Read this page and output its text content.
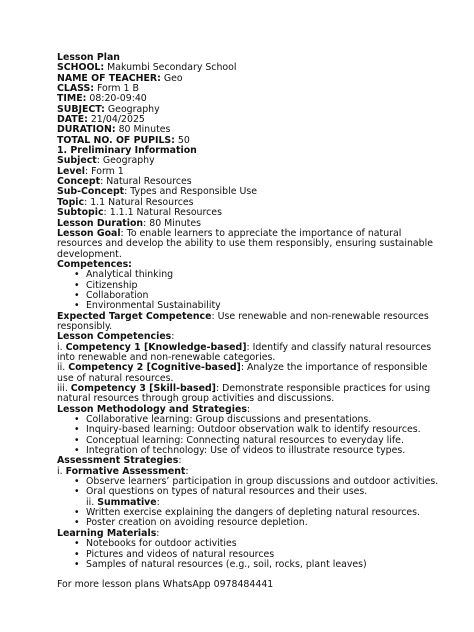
Lesson Plan
SCHOOL: Makumbi Secondary School
NAME OF TEACHER: Geo
CLASS: Form 1 B
TIME: 08:20-09:40
SUBJECT: Geography
DATE: 21/04/2025
DURATION: 80 Minutes
TOTAL NO. OF PUPILS: 50
1. Preliminary Information
Subject: Geography
Level: Form 1
Concept: Natural Resources
Sub-Concept: Types and Responsible Use
Topic: 1.1 Natural Resources
Subtopic: 1.1.1 Natural Resources
Lesson Duration: 80 Minutes
Lesson Goal: To enable learners to appreciate the importance of natural
resources and develop the ability to use them responsibly, ensuring sustainable
development.
Competences:
• Analytical thinking
• Citizenship
• Collaboration
• Environmental Sustainability
Expected Target Competence: Use renewable and non-renewable resources
responsibly.
Lesson Competencies:
i. Competency 1 [Knowledge-based]: Identify and classify natural resources
into renewable and non-renewable categories.
ii. Competency 2 [Cognitive-based]: Analyze the importance of responsible
use of natural resources.
iii. Competency 3 [Skill-based]: Demonstrate responsible practices for using
natural resources through group activities and discussions.
Lesson Methodology and Strategies:
• Collaborative learning: Group discussions and presentations.
• Inquiry-based learning: Outdoor observation walk to identify resources.
• Conceptual learning: Connecting natural resources to everyday life.
• Integration of technology: Use of videos to illustrate resource types.
Assessment Strategies:
i. Formative Assessment:
• Observe learners’ participation in group discussions and outdoor activities.
• Oral questions on types of natural resources and their uses.
ii. Summative:
• Written exercise explaining the dangers of depleting natural resources.
• Poster creation on avoiding resource depletion.
Learning Materials:
• Notebooks for outdoor activities
• Pictures and videos of natural resources
• Samples of natural resources (e.g., soil, rocks, plant leaves)
For more lesson plans WhatsApp 0978484441
